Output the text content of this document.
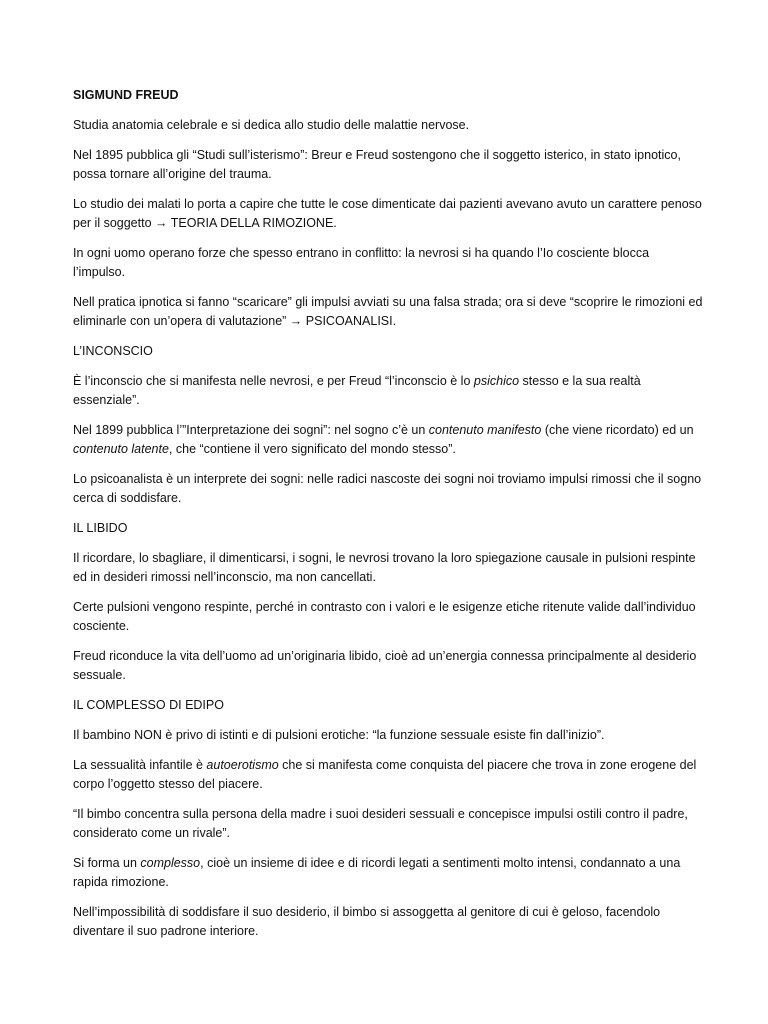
SIGMUND FREUD

Studia anatomia celebrale e si dedica allo studio delle malattie nervose.

Nel 1895 pubblica gli “Studi sull’isterismo”: Breur e Freud sostengono che il soggetto isterico, in stato ipnotico, possa tornare all’origine del trauma.

Lo studio dei malati lo porta a capire che tutte le cose dimenticate dai pazienti avevano avuto un carattere penoso per il soggetto → TEORIA DELLA RIMOZIONE.

In ogni uomo operano forze che spesso entrano in conflitto: la nevrosi si ha quando l’Io cosciente blocca l’impulso.

Nell pratica ipnotica si fanno “scaricare” gli impulsi avviati su una falsa strada; ora si deve “scoprire le rimozioni ed eliminarle con un’opera di valutazione” → PSICOANALISI.

L’INCONSCIO

È l’inconscio che si manifesta nelle nevrosi, e per Freud “l’inconscio è lo psichico stesso e la sua realtà essenziale”.

Nel 1899 pubblica l’”Interpretazione dei sogni”: nel sogno c’è un contenuto manifesto (che viene ricordato) ed un contenuto latente, che “contiene il vero significato del mondo stesso”.

Lo psicoanalista è un interprete dei sogni: nelle radici nascoste dei sogni noi troviamo impulsi rimossi che il sogno cerca di soddisfare.

IL LIBIDO

Il ricordare, lo sbagliare, il dimenticarsi, i sogni, le nevrosi trovano la loro spiegazione causale in pulsioni respinte ed in desideri rimossi nell’inconscio, ma non cancellati.

Certe pulsioni vengono respinte, perché in contrasto con i valori e le esigenze etiche ritenute valide dall’individuo cosciente.

Freud riconduce la vita dell’uomo ad un’originaria libido, cioè ad un’energia connessa principalmente al desiderio sessuale.

IL COMPLESSO DI EDIPO

Il bambino NON è privo di istinti e di pulsioni erotiche: “la funzione sessuale esiste fin dall’inizio”.

La sessualità infantile è autoerotismo che si manifesta come conquista del piacere che trova in zone erogene del corpo l’oggetto stesso del piacere.

“Il bimbo concentra sulla persona della madre i suoi desideri sessuali e concepisce impulsi ostili contro il padre, considerato come un rivale”.

Si forma un complesso, cioè un insieme di idee e di ricordi legati a sentimenti molto intensi, condannato a una rapida rimozione.

Nell’impossibilità di soddisfare il suo desiderio, il bimbo si assoggetta al genitore di cui è geloso, facendolo diventare il suo padrone interiore.
